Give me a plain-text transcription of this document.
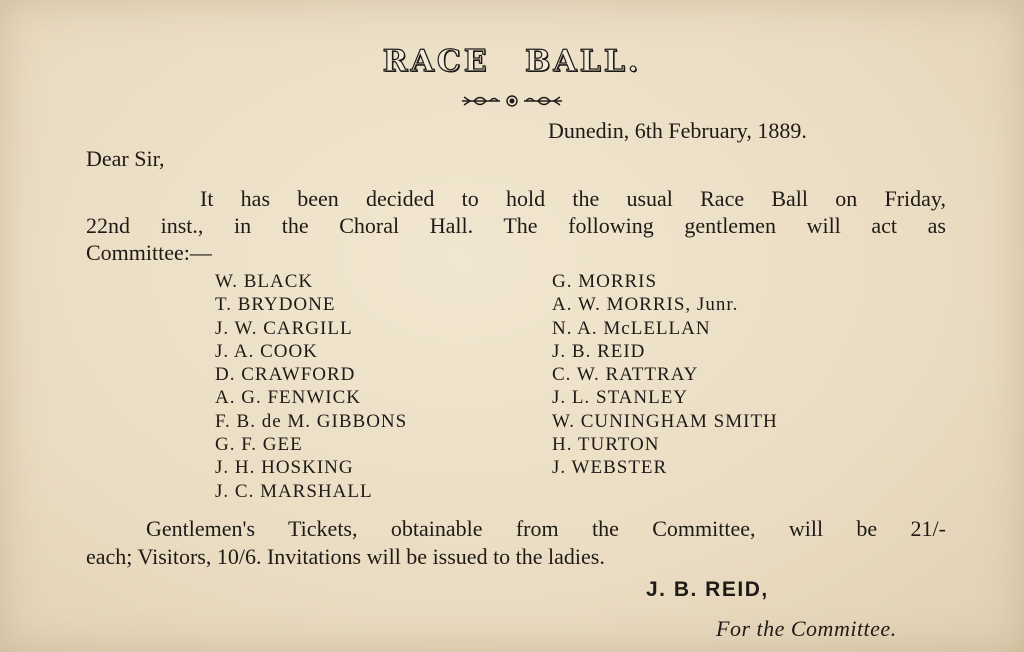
RACE BALL.
Dunedin, 6th February, 1889.
Dear Sir,
It has been decided to hold the usual Race Ball on Friday,
22nd inst., in the Choral Hall. The following gentlemen will act as
Committee:—
W. BLACK
T. BRYDONE
J. W. CARGILL
J. A. COOK
D. CRAWFORD
A. G. FENWICK
F. B. de M. GIBBONS
G. F. GEE
J. H. HOSKING
J. C. MARSHALL
G. MORRIS
A. W. MORRIS, Junr.
N. A. McLELLAN
J. B. REID
C. W. RATTRAY
J. L. STANLEY
W. CUNINGHAM SMITH
H. TURTON
J. WEBSTER
Gentlemen's Tickets, obtainable from the Committee, will be 21/-
each; Visitors, 10/6. Invitations will be issued to the ladies.
J. B. REID,
For the Committee.
